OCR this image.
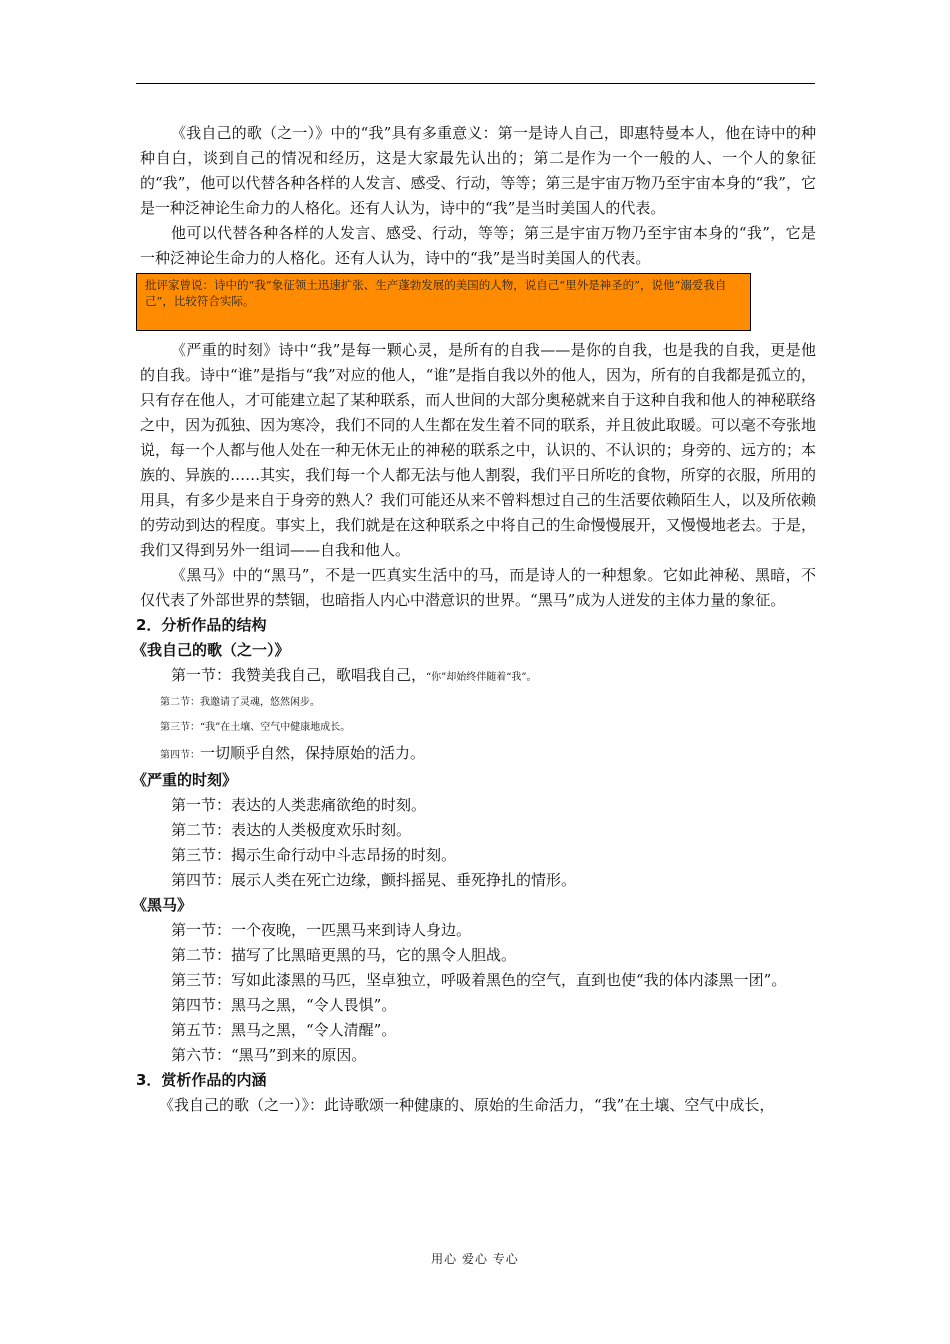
《我自己的歌（之一）》中的“我”具有多重意义：第一是诗人自己，即惠特曼本人，他在诗中的种种自白，谈到自己的情况和经历，这是大家最先认出的；第二是作为一个一般的人、一个人的象征的“我”，他可以代替各种各样的人发言、感受、行动，等等；第三是宇宙万物乃至宇宙本身的“我”，它是一种泛神论生命力的人格化。还有人认为，诗中的“我”是当时美国人的代表。

他可以代替各种各样的人发言、感受、行动，等等；第三是宇宙万物乃至宇宙本身的“我”，它是一种泛神论生命力的人格化。还有人认为，诗中的“我”是当时美国人的代表。

批评家曾说：诗中的“我”象征领土迅速扩张、生产蓬勃发展的美国的人物，说自己“里外是神圣的”，说他“溺爱我自己”，比较符合实际。

《严重的时刻》诗中“我”是每一颗心灵，是所有的自我——是你的自我，也是我的自我，更是他的自我。诗中“谁”是指与“我”对应的他人，“谁”是指自我以外的他人，因为，所有的自我都是孤立的，只有存在他人，才可能建立起了某种联系，而人世间的大部分奥秘就来自于这种自我和他人的神秘联络之中，因为孤独、因为寒冷，我们不同的人生都在发生着不同的联系，并且彼此取暖。可以毫不夸张地说，每一个人都与他人处在一种无休无止的神秘的联系之中，认识的、不认识的；身旁的、远方的；本族的、异族的……其实，我们每一个人都无法与他人割裂，我们平日所吃的食物，所穿的衣服，所用的用具，有多少是来自于身旁的熟人？我们可能还从来不曾料想过自己的生活要依赖陌生人，以及所依赖的劳动到达的程度。事实上，我们就是在这种联系之中将自己的生命慢慢展开，又慢慢地老去。于是，我们又得到另外一组词——自我和他人。

《黑马》中的“黑马”，不是一匹真实生活中的马，而是诗人的一种想象。它如此神秘、黑暗，不仅代表了外部世界的禁锢，也暗指人内心中潜意识的世界。“黑马”成为人迸发的主体力量的象征。

2．分析作品的结构

《我自己的歌（之一）》

第一节：我赞美我自己，歌唱我自己，“你”却始终伴随着“我”。

第二节：我邀请了灵魂，悠然闲步。

第三节：“我”在土壤、空气中健康地成长。

第四节：一切顺乎自然，保持原始的活力。

《严重的时刻》

第一节：表达的人类悲痛欲绝的时刻。

第二节：表达的人类极度欢乐时刻。

第三节：揭示生命行动中斗志昂扬的时刻。

第四节：展示人类在死亡边缘，颤抖摇晃、垂死挣扎的情形。

《黑马》

第一节：一个夜晚，一匹黑马来到诗人身边。

第二节：描写了比黑暗更黑的马，它的黑令人胆战。

第三节：写如此漆黑的马匹，坚卓独立，呼吸着黑色的空气，直到也使“我的体内漆黑一团”。

第四节：黑马之黑，“令人畏惧”。

第五节：黑马之黑，“令人清醒”。

第六节：“黑马”到来的原因。

3．赏析作品的内涵

《我自己的歌（之一）》：此诗歌颂一种健康的、原始的生命活力，“我”在土壤、空气中成长，

用心 爱心 专心
